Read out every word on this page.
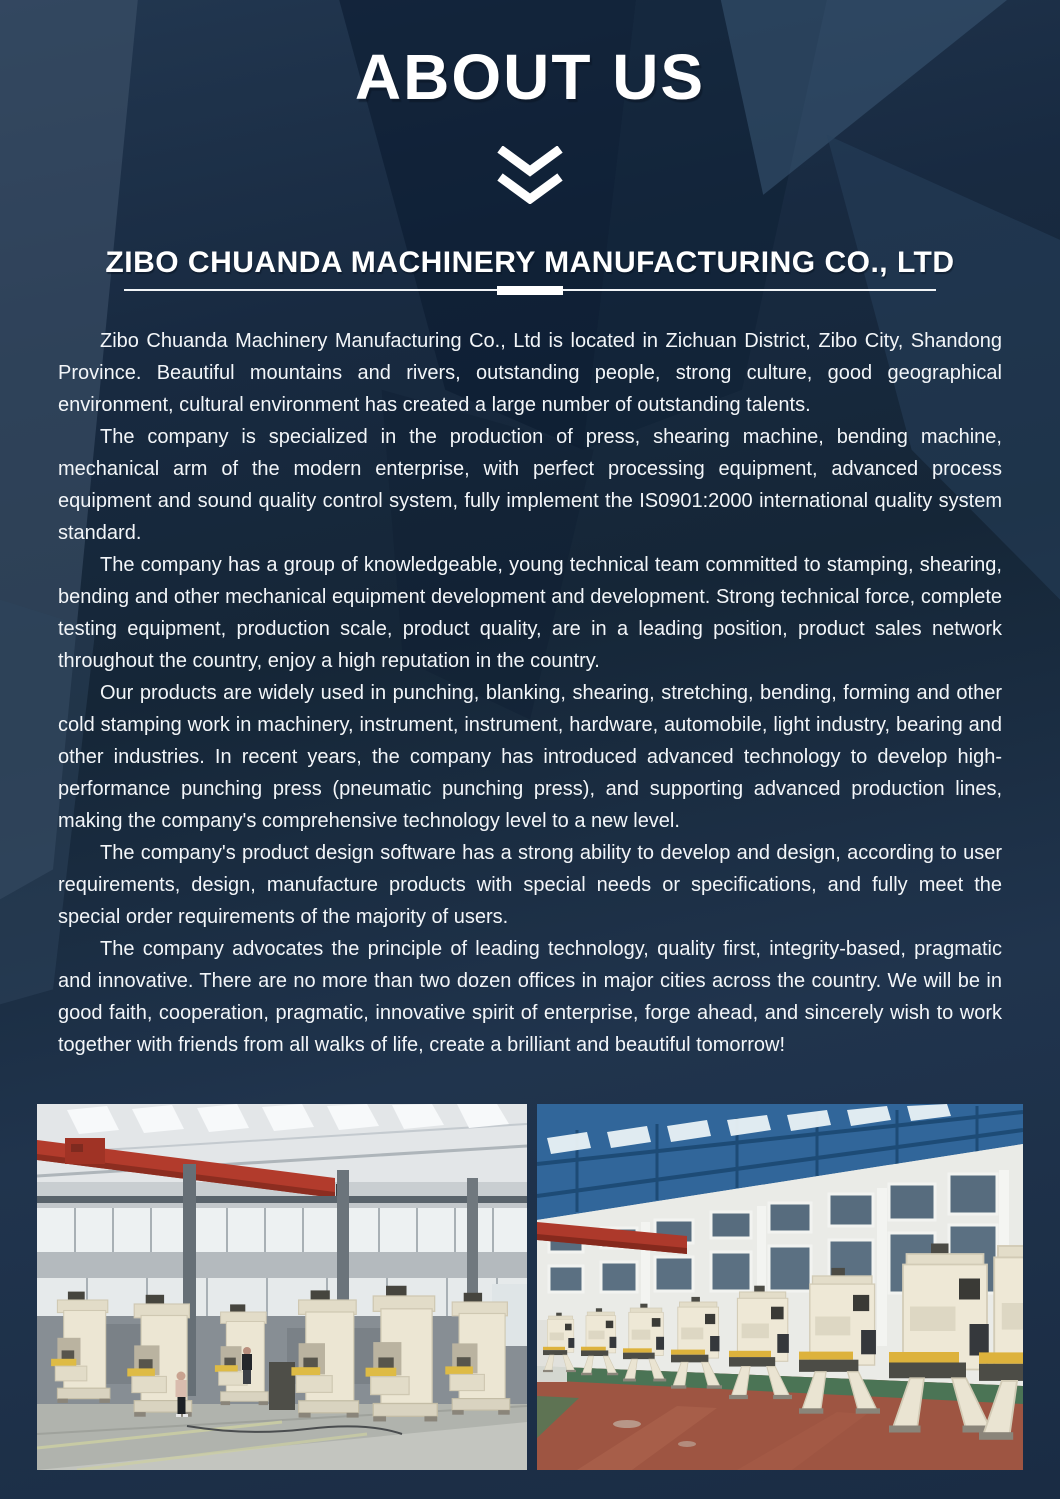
ABOUT US
ZIBO CHUANDA MACHINERY MANUFACTURING CO., LTD

Zibo Chuanda Machinery Manufacturing Co., Ltd is located in Zichuan District, Zibo City, Shandong Province. Beautiful mountains and rivers, outstanding people, strong culture, good geographical environment, cultural environment has created a large number of outstanding talents.

The company is specialized in the production of press, shearing machine, bending machine, mechanical arm of the modern enterprise, with perfect processing equipment, advanced process equipment and sound quality control system, fully implement the IS0901:2000 international quality system standard.

The company has a group of knowledgeable, young technical team committed to stamping, shearing, bending and other mechanical equipment development and development. Strong technical force, complete testing equipment, production scale, product quality, are in a leading position, product sales network throughout the country, enjoy a high reputation in the country.

Our products are widely used in punching, blanking, shearing, stretching, bending, forming and other cold stamping work in machinery, instrument, instrument, hardware, automobile, light industry, bearing and other industries. In recent years, the company has introduced advanced technology to develop high-performance punching press (pneumatic punching press), and supporting advanced production lines, making the company's comprehensive technology level to a new level.

The company's product design software has a strong ability to develop and design, according to user requirements, design, manufacture products with special needs or specifications, and fully meet the special order requirements of the majority of users.

The company advocates the principle of leading technology, quality first, integrity-based, pragmatic and innovative. There are no more than two dozen offices in major cities across the country. We will be in good faith, cooperation, pragmatic, innovative spirit of enterprise, forge ahead, and sincerely wish to work together with friends from all walks of life, create a brilliant and beautiful tomorrow!
